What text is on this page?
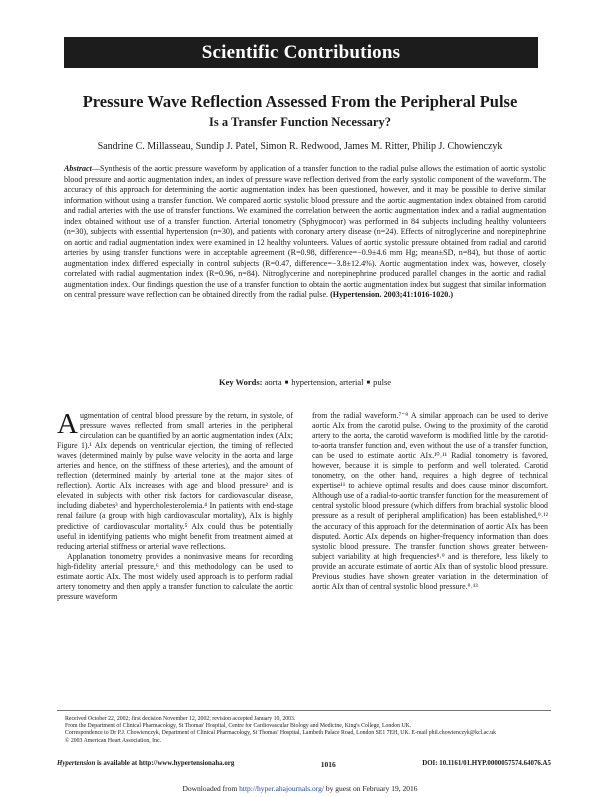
Scientific Contributions
Pressure Wave Reflection Assessed From the Peripheral Pulse
Is a Transfer Function Necessary?
Sandrine C. Millasseau, Sundip J. Patel, Simon R. Redwood, James M. Ritter, Philip J. Chowienczyk

Abstract—Synthesis of the aortic pressure waveform by application of a transfer function to the radial pulse allows the estimation of aortic systolic blood pressure and aortic augmentation index, an index of pressure wave reflection derived from the early systolic component of the waveform. The accuracy of this approach for determining the aortic augmentation index has been questioned, however, and it may be possible to derive similar information without using a transfer function. We compared aortic systolic blood pressure and the aortic augmentation index obtained from carotid and radial arteries with the use of transfer functions. We examined the correlation between the aortic augmentation index and a radial augmentation index obtained without use of a transfer function. Arterial tonometry (Sphygmocor) was performed in 84 subjects including healthy volunteers (n=30), subjects with essential hypertension (n=30), and patients with coronary artery disease (n=24). Effects of nitroglycerine and norepinephrine on aortic and radial augmentation index were examined in 12 healthy volunteers. Values of aortic systolic pressure obtained from radial and carotid arteries by using transfer functions were in acceptable agreement (R=0.98, difference=−0.9±4.6 mm Hg; mean±SD, n=84), but those of aortic augmentation index differed especially in control subjects (R=0.47, difference=−3.8±12.4%). Aortic augmentation index was, however, closely correlated with radial augmentation index (R=0.96, n=84). Nitroglycerine and norepinephrine produced parallel changes in the aortic and radial augmentation index. Our findings question the use of a transfer function to obtain the aortic augmentation index but suggest that similar information on central pressure wave reflection can be obtained directly from the radial pulse. (Hypertension. 2003;41:1016-1020.)

Key Words: aorta ■ hypertension, arterial ■ pulse

Augmentation of central blood pressure by the return, in systole, of pressure waves reflected from small arteries in the peripheral circulation can be quantified by an aortic augmentation index (AIx; Figure 1).¹ AIx depends on ventricular ejection, the timing of reflected waves (determined mainly by pulse wave velocity in the aorta and large arteries and hence, on the stiffness of these arteries), and the amount of reflection (determined mainly by arterial tone at the major sites of reflection). Aortic AIx increases with age and blood pressure² and is elevated in subjects with other risk factors for cardiovascular disease, including diabetes³ and hypercholesterolemia.⁴ In patients with end-stage renal failure (a group with high cardiovascular mortality), AIx is highly predictive of cardiovascular mortality.⁵ AIx could thus be potentially useful in identifying patients who might benefit from treatment aimed at reducing arterial stiffness or arterial wave reflections.

Applanation tonometry provides a noninvasive means for recording high-fidelity arterial pressure,⁶ and this methodology can be used to estimate aortic AIx. The most widely used approach is to perform radial artery tonometry and then apply a transfer function to calculate the aortic pressure waveform

from the radial waveform.⁷⁻⁹ A similar approach can be used to derive aortic AIx from the carotid pulse. Owing to the proximity of the carotid artery to the aorta, the carotid waveform is modified little by the carotid-to-aorta transfer function and, even without the use of a transfer function, can be used to estimate aortic AIx.¹⁰˒¹¹ Radial tonometry is favored, however, because it is simple to perform and well tolerated. Carotid tonometry, on the other hand, requires a high degree of technical expertise¹¹ to achieve optimal results and does cause minor discomfort. Although use of a radial-to-aortic transfer function for the measurement of central systolic blood pressure (which differs from brachial systolic blood pressure as a result of peripheral amplification) has been established,⁹˒¹² the accuracy of this approach for the determination of aortic AIx has been disputed. Aortic AIx depends on higher-frequency information than does systolic blood pressure. The transfer function shows greater between-subject variability at high frequencies⁸˒⁹ and is therefore, less likely to provide an accurate estimate of aortic AIx than of systolic blood pressure. Previous studies have shown greater variation in the determination of aortic AIx than of central systolic blood pressure.⁹˒¹³

Received October 22, 2002; first decision November 12, 2002; revision accepted January 10, 2003.
From the Department of Clinical Pharmacology, St Thomas' Hospital, Centre for Cardiovascular Biology and Medicine, King's College, London UK.
Correspondence to Dr P.J. Chowienczyk, Department of Clinical Pharmacology, St Thomas' Hospital, Lambeth Palace Road, London SE1 7EH, UK. E-mail phil.chowienczyk@kcl.ac.uk
© 2003 American Heart Association, Inc.
Hypertension is available at http://www.hypertensionaha.org	1016	DOI: 10.1161/01.HYP.0000057574.64076.A5
Downloaded from http://hyper.ahajournals.org/ by guest on February 19, 2016
